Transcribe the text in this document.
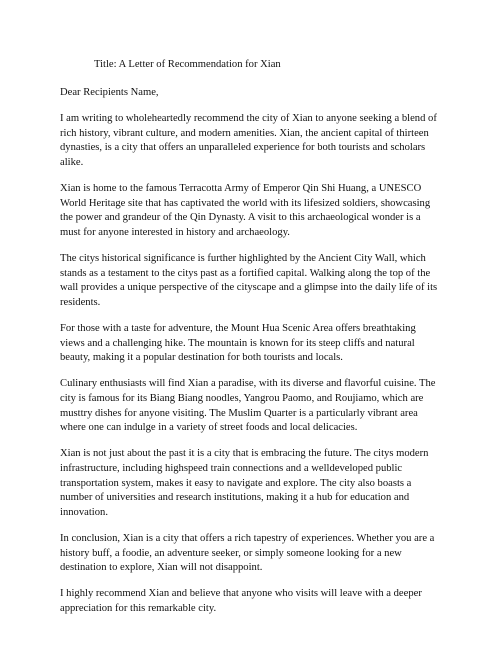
Title: A Letter of Recommendation for Xian

Dear Recipients Name,

I am writing to wholeheartedly recommend the city of Xian to anyone seeking a blend of rich history, vibrant culture, and modern amenities. Xian, the ancient capital of thirteen dynasties, is a city that offers an unparalleled experience for both tourists and scholars alike.

Xian is home to the famous Terracotta Army of Emperor Qin Shi Huang, a UNESCO World Heritage site that has captivated the world with its lifesized soldiers, showcasing the power and grandeur of the Qin Dynasty. A visit to this archaeological wonder is a must for anyone interested in history and archaeology.

The citys historical significance is further highlighted by the Ancient City Wall, which stands as a testament to the citys past as a fortified capital. Walking along the top of the wall provides a unique perspective of the cityscape and a glimpse into the daily life of its residents.

For those with a taste for adventure, the Mount Hua Scenic Area offers breathtaking views and a challenging hike. The mountain is known for its steep cliffs and natural beauty, making it a popular destination for both tourists and locals.

Culinary enthusiasts will find Xian a paradise, with its diverse and flavorful cuisine. The city is famous for its Biang Biang noodles, Yangrou Paomo, and Roujiamo, which are musttry dishes for anyone visiting. The Muslim Quarter is a particularly vibrant area where one can indulge in a variety of street foods and local delicacies.

Xian is not just about the past it is a city that is embracing the future. The citys modern infrastructure, including highspeed train connections and a welldeveloped public transportation system, makes it easy to navigate and explore. The city also boasts a number of universities and research institutions, making it a hub for education and innovation.

In conclusion, Xian is a city that offers a rich tapestry of experiences. Whether you are a history buff, a foodie, an adventure seeker, or simply someone looking for a new destination to explore, Xian will not disappoint.

I highly recommend Xian and believe that anyone who visits will leave with a deeper appreciation for this remarkable city.
